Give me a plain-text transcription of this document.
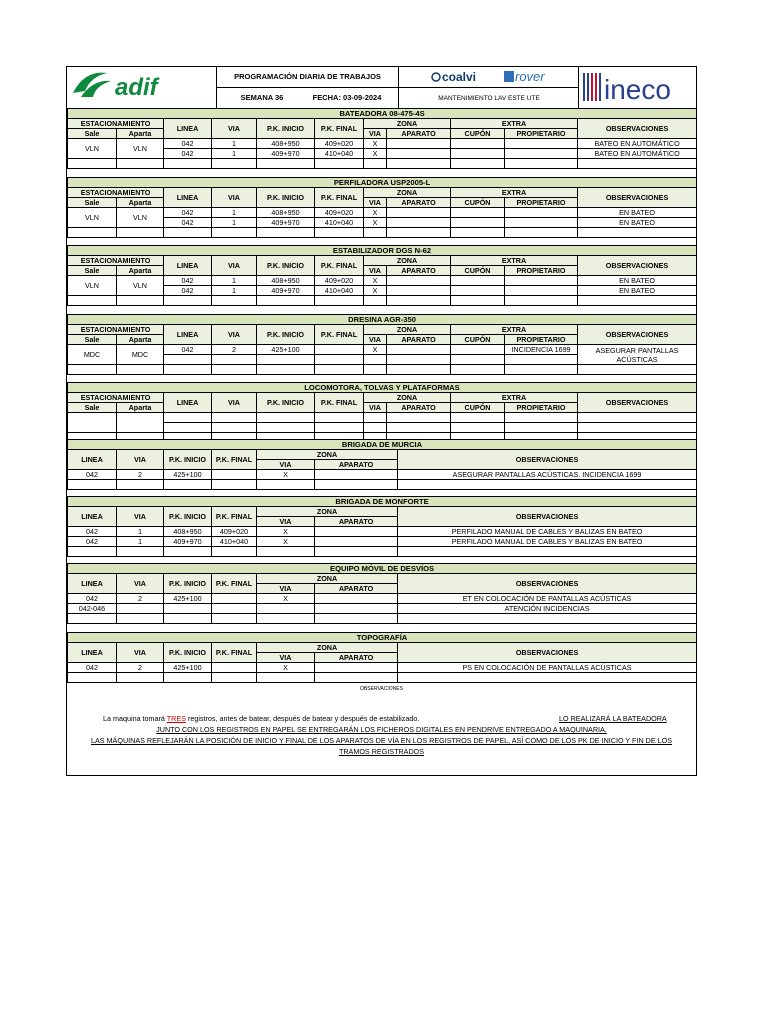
adif	PROGRAMACIÓN DIARIA DE TRABAJOS
SEMANA 36	FECHA: 03-09-2024
coalvi	rover
MANTENIMIENTO LAV ESTE UTE	ineco
BATEADORA 08-475-4S										
ESTACIONAMIENTO		LINEA	VIA	P.K. INICIO	P.K. FINAL	ZONA		EXTRA		OBSERVACIONES
Sale	Aparta					VIA	APARATO	CUPÓN	PROPIETARIO	
VLN	VLN	042	1	408+950	409+020	X				BATEO EN AUTOMÁTICO
		042	1	409+970	410+040	X				BATEO EN AUTOMÁTICO

PERFILADORA USP2005-L										
ESTACIONAMIENTO		LINEA	VIA	P.K. INICIO	P.K. FINAL	ZONA		EXTRA		OBSERVACIONES
Sale	Aparta					VIA	APARATO	CUPÓN	PROPIETARIO	
VLN	VLN	042	1	408+950	409+020	X				EN BATEO
		042	1	409+970	410+040	X				EN BATEO

ESTABILIZADOR DGS N-62										
ESTACIONAMIENTO		LINEA	VIA	P.K. INICIO	P.K. FINAL	ZONA		EXTRA		OBSERVACIONES
Sale	Aparta					VIA	APARATO	CUPÓN	PROPIETARIO	
VLN	VLN	042	1	408+950	409+020	X				EN BATEO
		042	1	409+970	410+040	X				EN BATEO

DRESINA AGR-350										
ESTACIONAMIENTO		LINEA	VIA	P.K. INICIO	P.K. FINAL	ZONA		EXTRA		OBSERVACIONES
Sale	Aparta					VIA	APARATO	CUPÓN	PROPIETARIO	
MDC	MDC	042	2	425+100		X			INCIDENCIA 1699	ASEGURAR PANTALLAS ACÚSTICAS

LOCOMOTORA, TOLVAS Y PLATAFORMAS										
ESTACIONAMIENTO		LINEA	VIA	P.K. INICIO	P.K. FINAL	ZONA		EXTRA		OBSERVACIONES
Sale	Aparta					VIA	APARATO	CUPÓN	PROPIETARIO	

BRIGADA DE MURCIA						
LINEA	VIA	P.K. INICIO	P.K. FINAL	ZONA		OBSERVACIONES
				VIA	APARATO	
042	2	425+100		X		ASEGURAR PANTALLAS ACÚSTICAS. INCIDENCIA 1699

BRIGADA DE MONFORTE						
LINEA	VIA	P.K. INICIO	P.K. FINAL	ZONA		OBSERVACIONES
				VIA	APARATO	
042	1	408+950	409+020	X		PERFILADO MANUAL DE CABLES Y BALIZAS EN BATEO
042	1	409+970	410+040	X		PERFILADO MANUAL DE CABLES Y BALIZAS EN BATEO

EQUIPO MÓVIL DE DESVÍOS						
LINEA	VIA	P.K. INICIO	P.K. FINAL	ZONA		OBSERVACIONES
				VIA	APARATO	
042	2	425+100		X		ET EN COLOCACIÓN DE PANTALLAS ACÚSTICAS
042-046						ATENCIÓN INCIDENCIAS

TOPOGRAFÍA						
LINEA	VIA	P.K. INICIO	P.K. FINAL	ZONA		OBSERVACIONES
				VIA	APARATO	
042	2	425+100		X		PS EN COLOCACIÓN DE PANTALLAS ACÚSTICAS

OBSERVACIONES
La maquina tomará TRES registros, antes de batear, después de batear y después de estabilizado.	LO REALIZARÁ LA BATEADORA
JUNTO CON LOS REGISTROS EN PAPEL SE ENTREGARÁN LOS FICHEROS DIGITALES EN PENDRIVE ENTREGADO A MAQUINARIA.
LAS MÁQUINAS REFLEJARÁN LA POSICIÓN DE INICIO Y FINAL DE LOS APARATOS DE VÍA EN LOS REGISTROS DE PAPEL, ASÍ COMO DE LOS PK DE INICIO Y FIN DE LOS
TRAMOS REGISTRADOS
